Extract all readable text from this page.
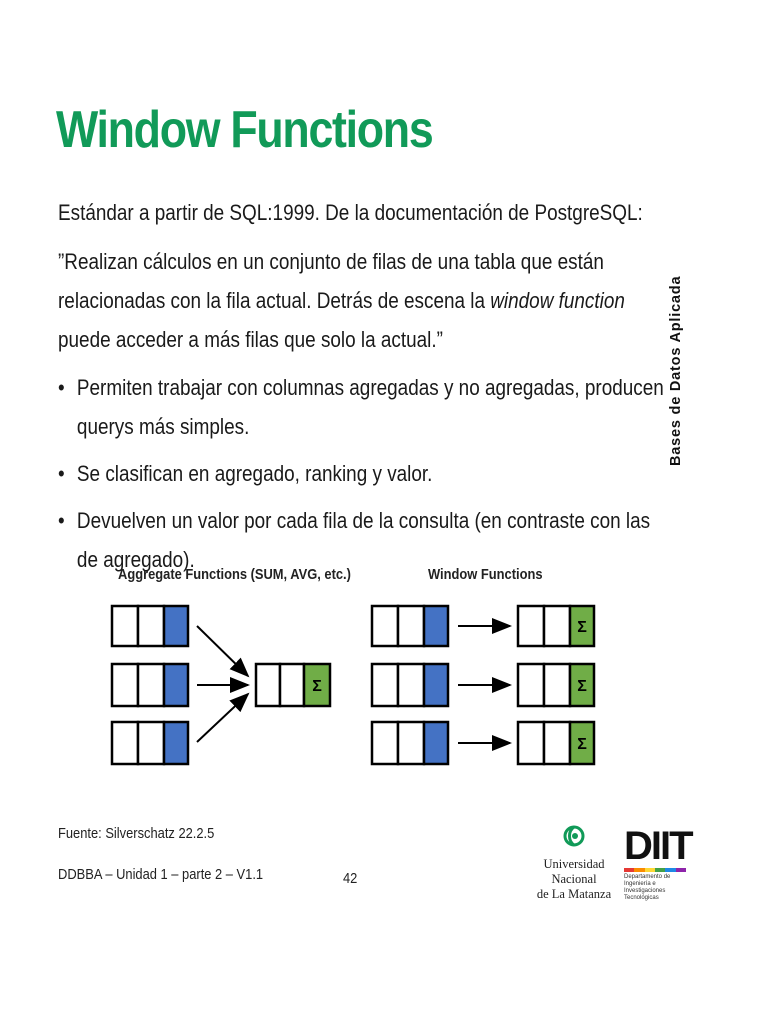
Window Functions
Estándar a partir de SQL:1999. De la documentación de PostgreSQL:
”Realizan cálculos en un conjunto de filas de una tabla que están relacionadas con la fila actual. Detrás de escena la window function puede acceder a más filas que solo la actual.”
• Permiten trabajar con columnas agregadas y no agregadas, producen querys más simples.
• Se clasifican en agregado, ranking y valor.
• Devuelven un valor por cada fila de la consulta (en contraste con las de agregado).
Bases de Datos Aplicada
Aggregate Functions (SUM, AVG, etc.)	Window Functions
Σ
Σ
Σ
Σ
Fuente: Silverschatz 22.2.5
DDBBA – Unidad 1 – parte 2 – V1.1	42
Universidad Nacional
de La Matanza
DIIT
Departamento de Ingeniería e
Investigaciones Tecnológicas
